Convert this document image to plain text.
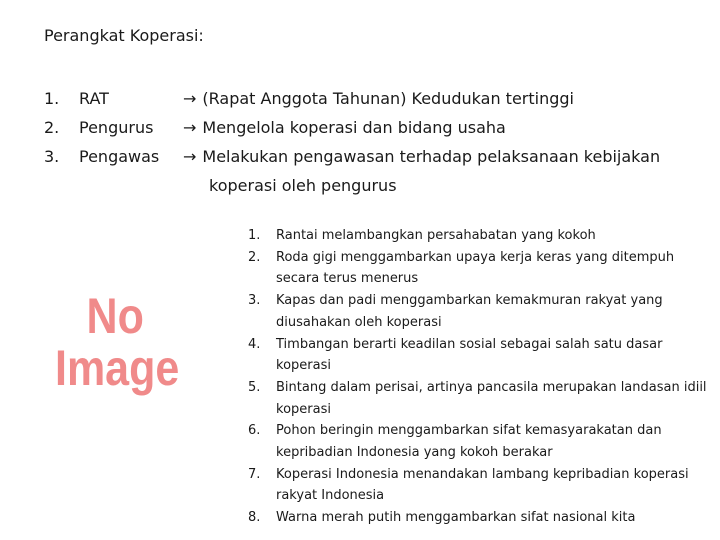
Perangkat Koperasi:
1.	RAT	→ (Rapat Anggota Tahunan) Kedudukan tertinggi
2.	Pengurus	→ Mengelola koperasi dan bidang usaha
3.	Pengawas	→ Melakukan pengawasan terhadap pelaksanaan kebijakan
koperasi oleh pengurus
No
Image
1.	Rantai melambangkan persahabatan yang kokoh
2.	Roda gigi menggambarkan upaya kerja keras yang ditempuh secara terus menerus
3.	Kapas dan padi menggambarkan kemakmuran rakyat yang diusahakan oleh koperasi
4.	Timbangan berarti keadilan sosial sebagai salah satu dasar koperasi
5.	Bintang dalam perisai, artinya pancasila merupakan landasan idiil koperasi
6.	Pohon beringin menggambarkan sifat kemasyarakatan dan kepribadian Indonesia yang kokoh berakar
7.	Koperasi Indonesia menandakan lambang kepribadian koperasi rakyat Indonesia
8.	Warna merah putih menggambarkan sifat nasional kita
